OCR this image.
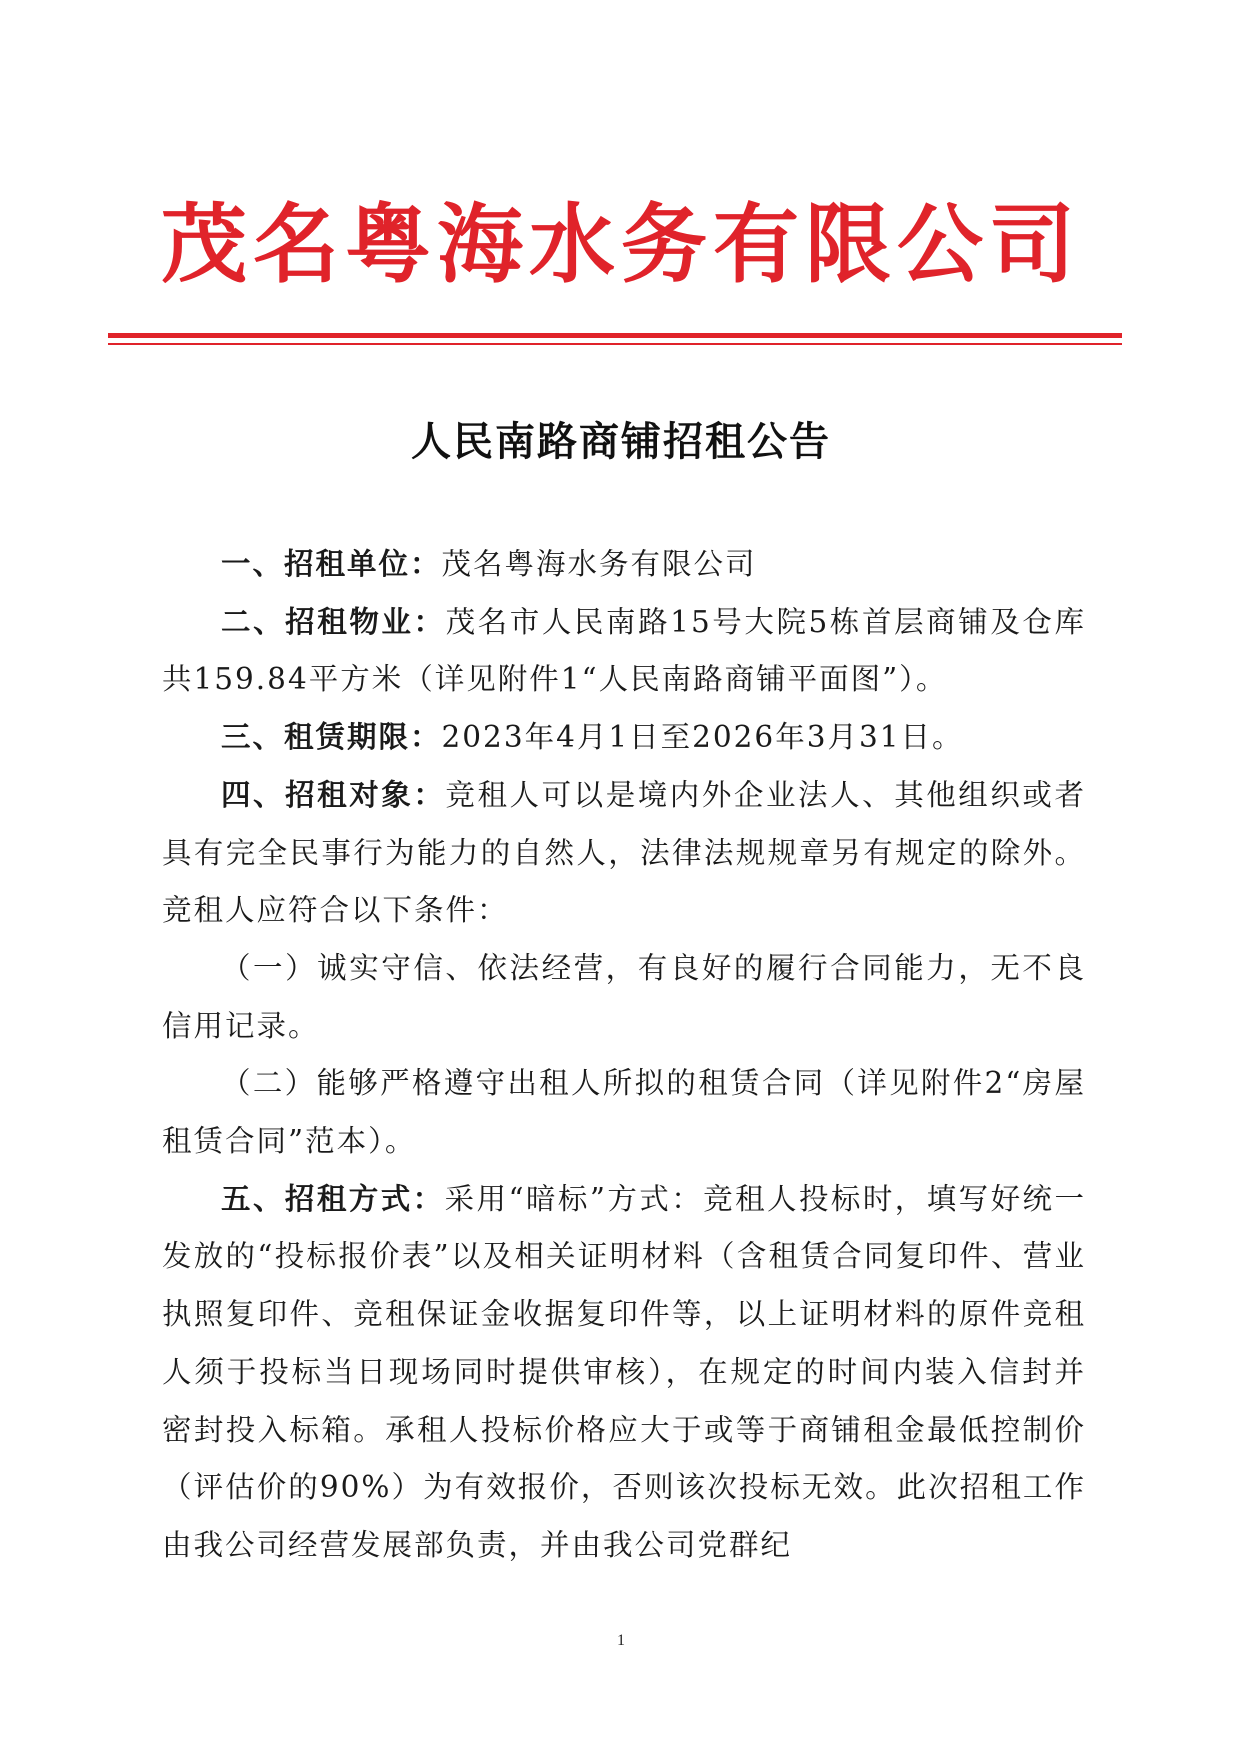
茂名粤海水务有限公司
人民南路商铺招租公告

一、招租单位：茂名粤海水务有限公司

二、招租物业：茂名市人民南路15号大院5栋首层商铺及仓库共159.84平方米（详见附件1“人民南路商铺平面图”）。

三、租赁期限：2023年4月1日至2026年3月31日。

四、招租对象：竞租人可以是境内外企业法人、其他组织或者具有完全民事行为能力的自然人，法律法规规章另有规定的除外。竞租人应符合以下条件：

（一）诚实守信、依法经营，有良好的履行合同能力，无不良信用记录。

（二）能够严格遵守出租人所拟的租赁合同（详见附件2“房屋租赁合同”范本）。

五、招租方式：采用“暗标”方式：竞租人投标时，填写好统一发放的“投标报价表”以及相关证明材料（含租赁合同复印件、营业执照复印件、竞租保证金收据复印件等，以上证明材料的原件竞租人须于投标当日现场同时提供审核），在规定的时间内装入信封并密封投入标箱。承租人投标价格应大于或等于商铺租金最低控制价（评估价的90%）为有效报价，否则该次投标无效。此次招租工作由我公司经营发展部负责，并由我公司党群纪

1
